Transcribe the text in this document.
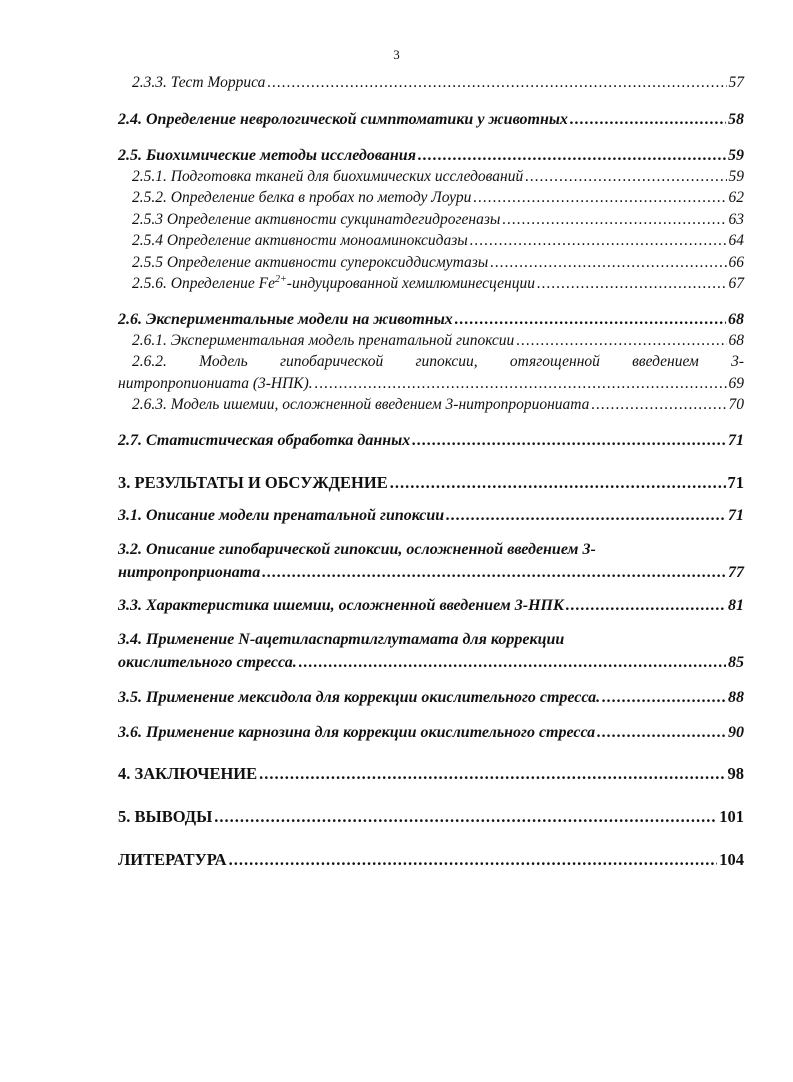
3
2.3.3. Тест Морриса .....	57
2.4. Определение неврологической симптоматики у животных .....	58
2.5. Биохимические методы исследования .....	59
2.5.1. Подготовка тканей для биохимических исследований .....	59
2.5.2. Определение белка в пробах по методу Лоури .....	62
2.5.3 Определение активности сукцинатдегидрогеназы .....	63
2.5.4 Определение активности моноаминоксидазы .....	64
2.5.5 Определение активности супероксиддисмутазы .....	66
2.5.6. Определение $Fe^{2+}$-индуцированной хемилюминесценции .....	67
2.6. Экспериментальные модели на животных .....	68
2.6.1. Экспериментальная модель пренатальной гипоксии .....	68
2.6.2. Модель гипобарической гипоксии, отягощенной введением 3-
нитропропиониата (3-НПК). .....	69
2.6.3. Модель ишемии, осложненной введением 3-нитропрориониата .....	70
2.7. Статистическая обработка данных .....	71
3. РЕЗУЛЬТАТЫ И ОБСУЖДЕНИЕ .....	71
3.1. Описание модели пренатальной гипоксии .....	71
3.2. Описание гипобарической гипоксии, осложненной введением 3-
нитропроприоната .....	77
3.3. Характеристика ишемии, осложненной введением 3-НПК .....	81
3.4. Применение N-ацетиласпартилглутамата для коррекции
окислительного стресса. .....	85
3.5. Применение мексидола для коррекции окислительного стресса. .....	88
3.6. Применение карнозина для коррекции окислительного стресса .....	90
4. ЗАКЛЮЧЕНИЕ .....	98
5. ВЫВОДЫ .....	101
ЛИТЕРАТУРА .....	104
